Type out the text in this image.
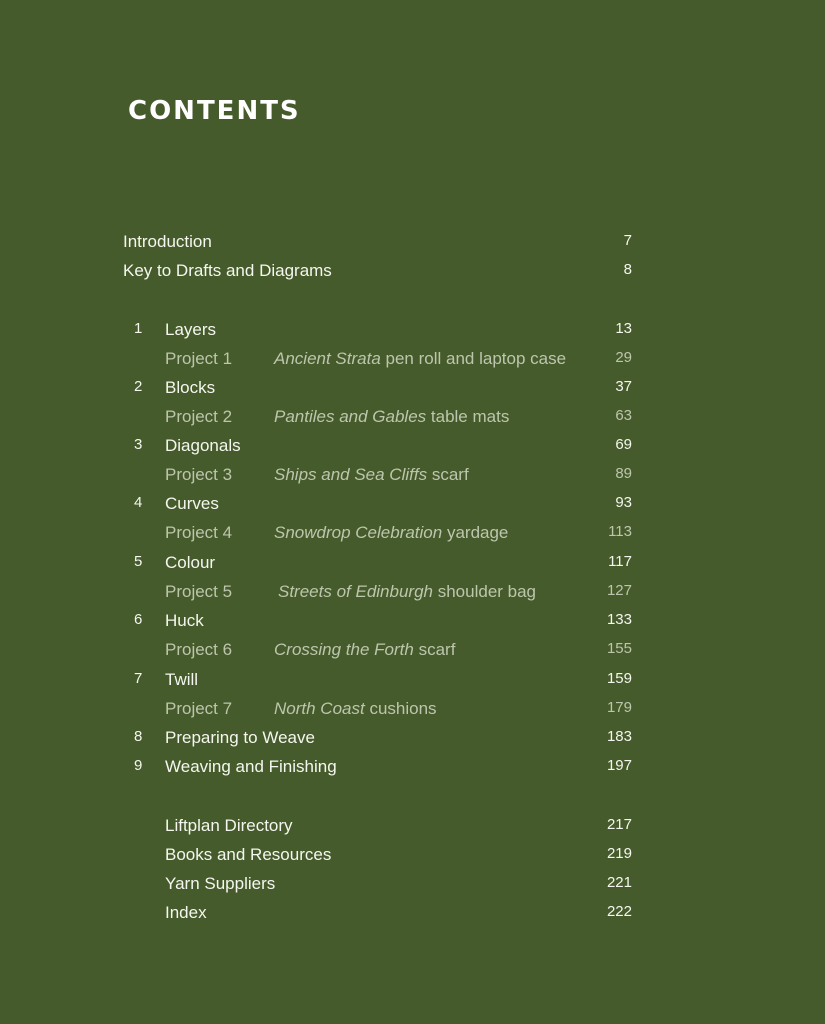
CONTENTS
Introduction	7
Key to Drafts and Diagrams	8
1 Layers	13
Project 1 Ancient Strata pen roll and laptop case	29
2 Blocks	37
Project 2 Pantiles and Gables table mats	63
3 Diagonals	69
Project 3 Ships and Sea Cliffs scarf	89
4 Curves	93
Project 4 Snowdrop Celebration yardage	113
5 Colour	117
Project 5	Streets of Edinburgh shoulder bag	127
6 Huck	133
Project 6 Crossing the Forth scarf	155
7 Twill	159
Project 7 North Coast cushions	179
8 Preparing to Weave	183
9 Weaving and Finishing	197
Liftplan Directory	217
Books and Resources	219
Yarn Suppliers	221
Index	222
